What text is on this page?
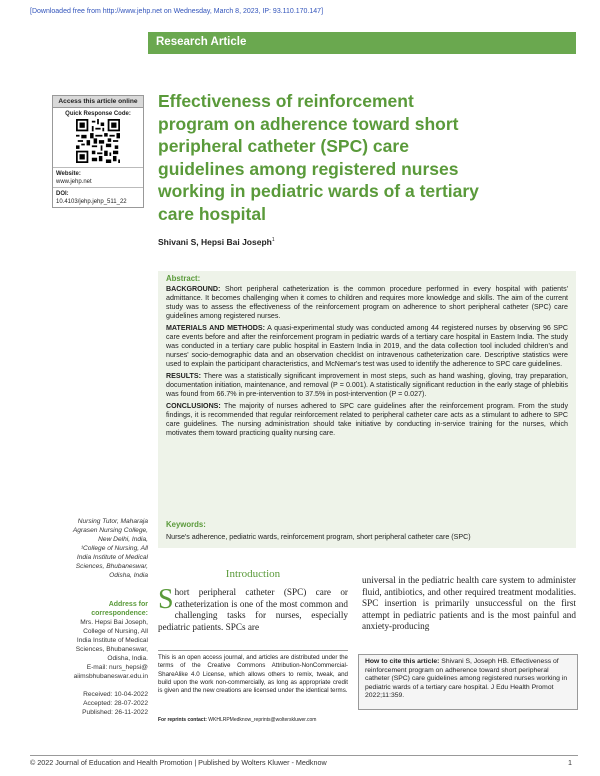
[Downloaded free from http://www.jehp.net on Wednesday, March 8, 2023, IP: 93.110.170.147]
Research Article
Access this article online
Quick Response Code:
Website:
www.jehp.net
DOI:
10.4103/jehp.jehp_511_22
Effectiveness of reinforcement
program on adherence toward short
peripheral catheter (SPC) care
guidelines among registered nurses
working in pediatric wards of a tertiary
care hospital
Shivani S, Hepsi Bai Joseph$^1$
Abstract:

BACKGROUND: Short peripheral catheterization is the common procedure performed in every hospital with patients' admittance. It becomes challenging when it comes to children and requires more knowledge and skills. The aim of the current study was to assess the effectiveness of the reinforcement program on adherence to short peripheral catheter (SPC) care guidelines among registered nurses.

MATERIALS AND METHODS: A quasi-experimental study was conducted among 44 registered nurses by observing 96 SPC care events before and after the reinforcement program in pediatric wards of a tertiary care hospital in Eastern India. The study was conducted in a tertiary care public hospital in Eastern India in 2019, and the data collection tool included children's and nurses' socio-demographic data and an observation checklist on intravenous catheterization care. Descriptive statistics were used to explain the participant characteristics, and McNemar's test was used to identify the adherence to SPC care guidelines.

RESULTS: There was a statistically significant improvement in most steps, such as hand washing, gloving, tray preparation, documentation initiation, maintenance, and removal (P = 0.001). A statistically significant reduction in the early stage of phlebitis was found from 66.7% in pre-intervention to 37.5% in post-intervention (P = 0.027).

CONCLUSIONS: The majority of nurses adhered to SPC care guidelines after the reinforcement program. From the study findings, it is recommended that regular reinforcement related to peripheral catheter care acts as a stimulant to adhere to SPC care guidelines. The nursing administration should take initiative by conducting in-service training for the nurses, which motivates them toward practicing quality nursing care.

Keywords:
Nurse's adherence, pediatric wards, reinforcement program, short peripheral catheter care (SPC)
Nursing Tutor, Maharaja
Agrasen Nursing College,
New Delhi, India,
¹College of Nursing, All
India Institute of Medical
Sciences, Bhubaneswar,
Odisha, India
Address for
correspondence:
Mrs. Hepsi Bai Joseph,
College of Nursing, All
India Institute of Medical
Sciences, Bhubaneswar,
Odisha, India.
E-mail: nurs_hepsi@
aiimsbhubaneswar.edu.in
Received: 10-04-2022
Accepted: 28-07-2022
Published: 26-11-2022
Introduction
Short peripheral catheter (SPC) care or catheterization is one of the most common and challenging tasks for nurses, especially pediatric patients. SPCs are
This is an open access journal, and articles are distributed under the terms of the Creative Commons Attribution-NonCommercial-ShareAlike 4.0 License, which allows others to remix, tweak, and build upon the work non-commercially, as long as appropriate credit is given and the new creations are licensed under the identical terms.
For reprints contact: WKHLRPMedknow_reprints@wolterskluwer.com
universal in the pediatric health care system to administer fluid, antibiotics, and other required treatment modalities. SPC insertion is primarily unsuccessful on the first attempt in pediatric patients and is the most painful and anxiety-producing
How to cite this article: Shivani S, Joseph HB. Effectiveness of reinforcement program on adherence toward short peripheral catheter (SPC) care guidelines among registered nurses working in pediatric wards of a tertiary care hospital. J Edu Health Promot 2022;11:359.
© 2022 Journal of Education and Health Promotion | Published by Wolters Kluwer - Medknow	1
